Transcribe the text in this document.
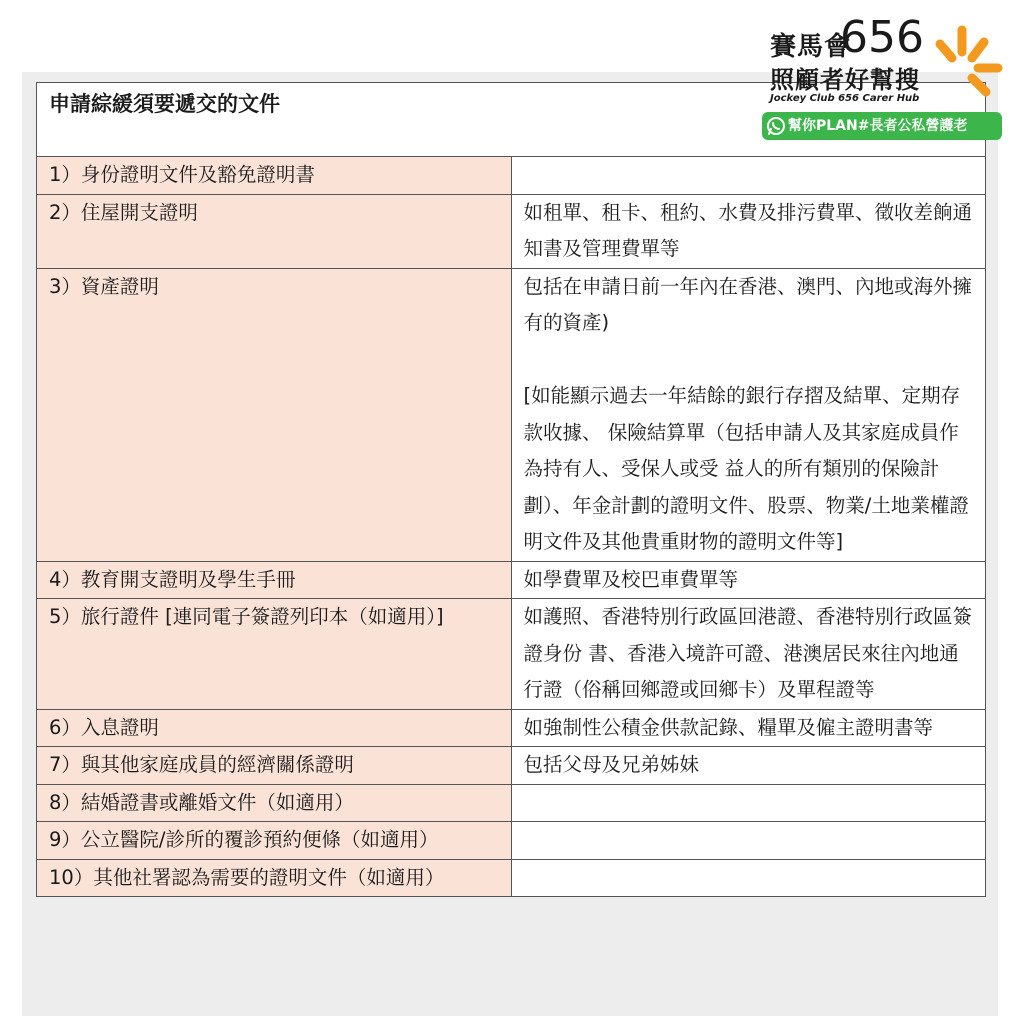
申請綜緩須要遞交的文件	
1）身份證明文件及豁免證明書	
2）住屋開支證明	如租單、租卡、租約、水費及排污費單、徵收差餉通知書及管理費單等

3）資產證明	包括在申請日前一年內在香港、澳門、內地或海外擁有的資產)
[如能顯示過去一年結餘的銀行存摺及結單、定期存款收據、 保險結算單（包括申請人及其家庭成員作為持有人、受保人或受 益人的所有類別的保險計劃）、年金計劃的證明文件、股票、物業/土地業權證明文件及其他貴重財物的證明文件等]

4）教育開支證明及學生手冊	如學費單及校巴車費單等

5）旅行證件 [連同電子簽證列印本（如適用）]	如護照、香港特別行政區回港證、香港特別行政區簽證身份 書、香港入境許可證、港澳居民來往內地通行證（俗稱回鄉證或回鄉卡）及單程證等

6）入息證明	如強制性公積金供款記錄、糧單及僱主證明書等

7）與其他家庭成員的經濟關係證明	包括父母及兄弟姊妹

8）結婚證書或離婚文件（如適用）	
9）公立醫院/診所的覆診預約便條（如適用）	
10）其他社署認為需要的證明文件（如適用）	
賽馬會
656
照顧者好幫搜
Jockey Club 656 Carer Hub
幫你PLAN#長者公私營護老
